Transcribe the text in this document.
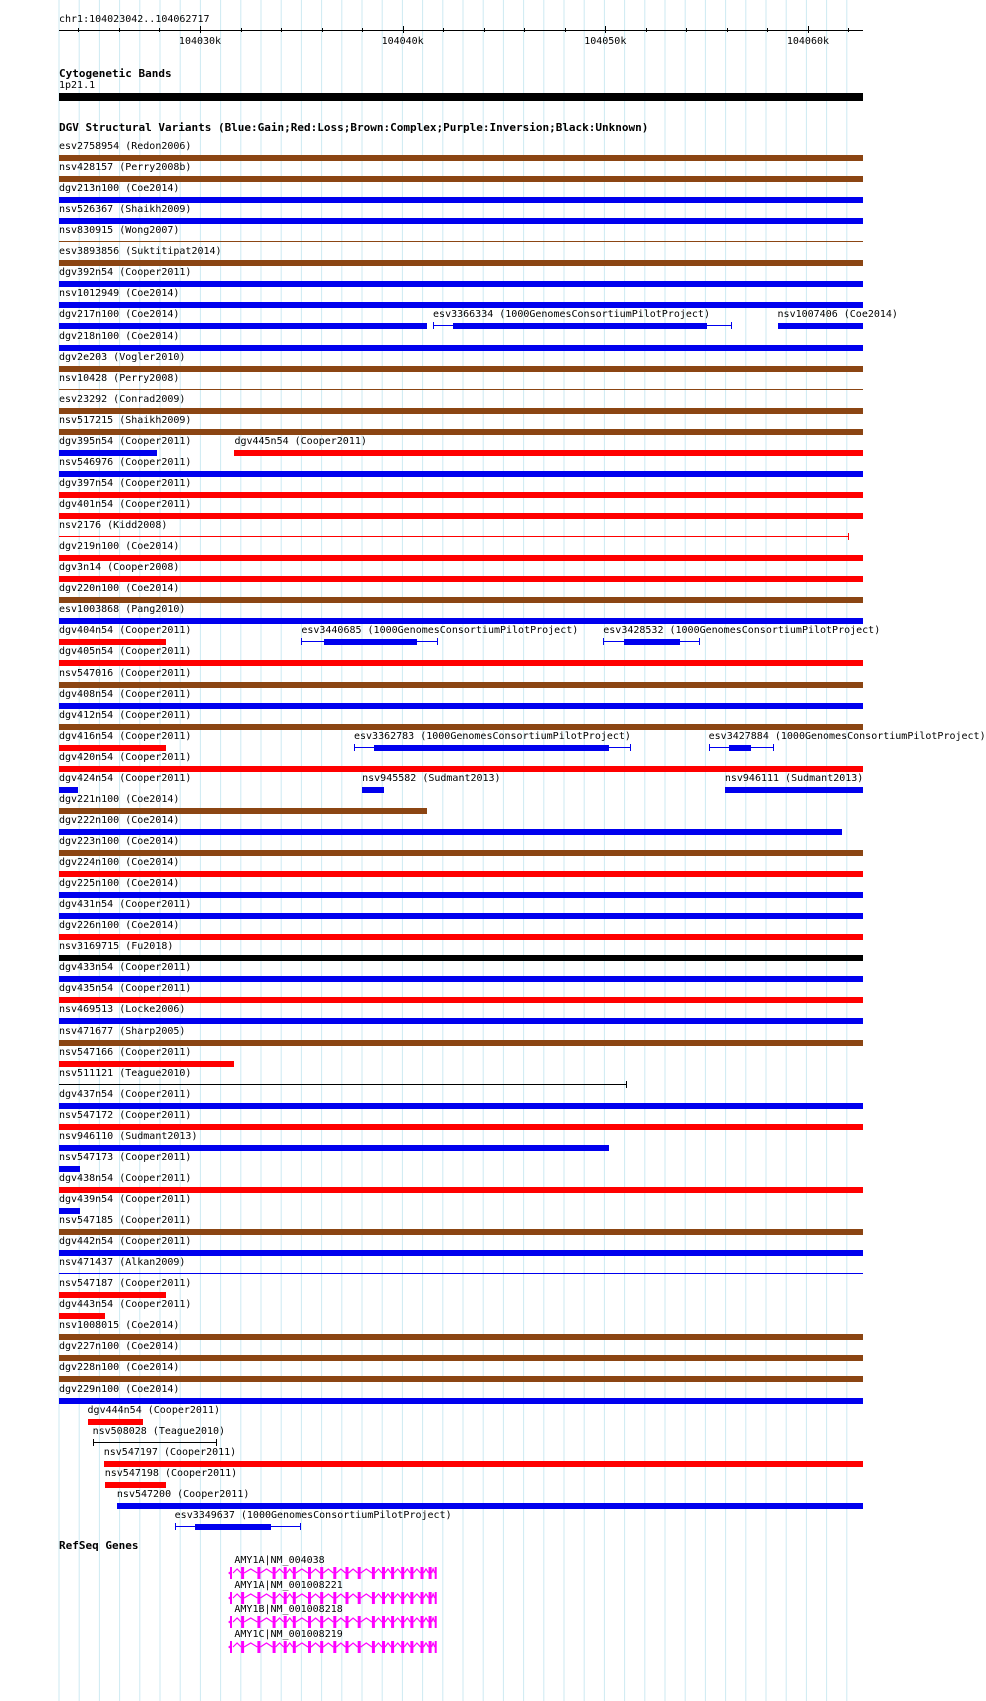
chr1:104023042..104062717
104030k	104040k	104050k	104060k
Cytogenetic Bands
1p21.1
DGV Structural Variants (Blue:Gain;Red:Loss;Brown:Complex;Purple:Inversion;Black:Unknown)
esv2758954 (Redon2006)
nsv428157 (Perry2008b)
dgv213n100 (Coe2014)
nsv526367 (Shaikh2009)
nsv830915 (Wong2007)
esv3893856 (Suktitipat2014)
dgv392n54 (Cooper2011)
nsv1012949 (Coe2014)
dgv217n100 (Coe2014)	esv3366334 (1000GenomesConsortiumPilotProject)	nsv1007406 (Coe2014)
dgv218n100 (Coe2014)
dgv2e203 (Vogler2010)
nsv10428 (Perry2008)
esv23292 (Conrad2009)
nsv517215 (Shaikh2009)
dgv395n54 (Cooper2011)	dgv445n54 (Cooper2011)
nsv546976 (Cooper2011)
dgv397n54 (Cooper2011)
dgv401n54 (Cooper2011)
nsv2176 (Kidd2008)
dgv219n100 (Coe2014)
dgv3n14 (Cooper2008)
dgv220n100 (Coe2014)
esv1003868 (Pang2010)
dgv404n54 (Cooper2011)	esv3440685 (1000GenomesConsortiumPilotProject)	esv3428532 (1000GenomesConsortiumPilotProject)
dgv405n54 (Cooper2011)
nsv547016 (Cooper2011)
dgv408n54 (Cooper2011)
dgv412n54 (Cooper2011)
dgv416n54 (Cooper2011)	esv3362783 (1000GenomesConsortiumPilotProject)	esv3427884 (1000GenomesConsortiumPilotProject)
dgv420n54 (Cooper2011)
dgv424n54 (Cooper2011)	nsv945582 (Sudmant2013)	nsv946111 (Sudmant2013)
dgv221n100 (Coe2014)
dgv222n100 (Coe2014)
dgv223n100 (Coe2014)
dgv224n100 (Coe2014)
dgv225n100 (Coe2014)
dgv431n54 (Cooper2011)
dgv226n100 (Coe2014)
nsv3169715 (Fu2018)
dgv433n54 (Cooper2011)
dgv435n54 (Cooper2011)
nsv469513 (Locke2006)
nsv471677 (Sharp2005)
nsv547166 (Cooper2011)
nsv511121 (Teague2010)
dgv437n54 (Cooper2011)
nsv547172 (Cooper2011)
nsv946110 (Sudmant2013)
nsv547173 (Cooper2011)
dgv438n54 (Cooper2011)
dgv439n54 (Cooper2011)
nsv547185 (Cooper2011)
dgv442n54 (Cooper2011)
nsv471437 (Alkan2009)
nsv547187 (Cooper2011)
dgv443n54 (Cooper2011)
nsv1008015 (Coe2014)
dgv227n100 (Coe2014)
dgv228n100 (Coe2014)
dgv229n100 (Coe2014)
dgv444n54 (Cooper2011)
nsv508028 (Teague2010)
nsv547197 (Cooper2011)
nsv547198 (Cooper2011)
nsv547200 (Cooper2011)
esv3349637 (1000GenomesConsortiumPilotProject)
RefSeq Genes
AMY1A|NM_004038
AMY1A|NM_001008221
AMY1B|NM_001008218
AMY1C|NM_001008219
